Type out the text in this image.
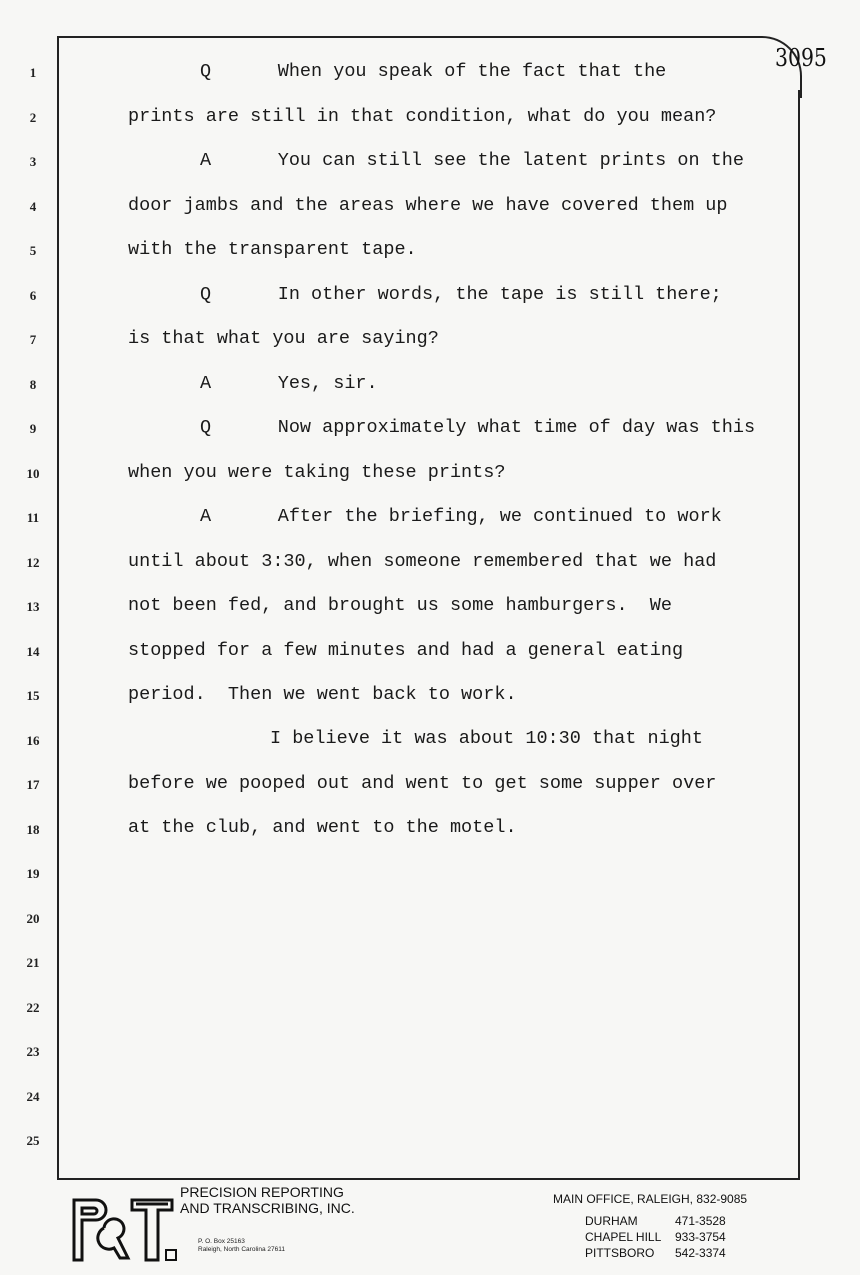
3095
1
2
3
4
5
6
7
8
9
10
11
12
13
14
15
16
17
18
19
20
21
22
23
24
25
Q      When you speak of the fact that the
prints are still in that condition, what do you mean?
A      You can still see the latent prints on the
door jambs and the areas where we have covered them up
with the transparent tape.
Q      In other words, the tape is still there;
is that what you are saying?
A      Yes, sir.
Q      Now approximately what time of day was this
when you were taking these prints?
A      After the briefing, we continued to work
until about 3:30, when someone remembered that we had
not been fed, and brought us some hamburgers.  We
stopped for a few minutes and had a general eating
period.  Then we went back to work.
I believe it was about 10:30 that night
before we pooped out and went to get some supper over
at the club, and went to the motel.
PRECISION REPORTING
AND TRANSCRIBING, INC.
P. O. Box 25163
Raleigh, North Carolina 27611
MAIN OFFICE, RALEIGH, 832-9085
DURHAM	471-3528
CHAPEL HILL 933-3754
PITTSBORO 542-3374
